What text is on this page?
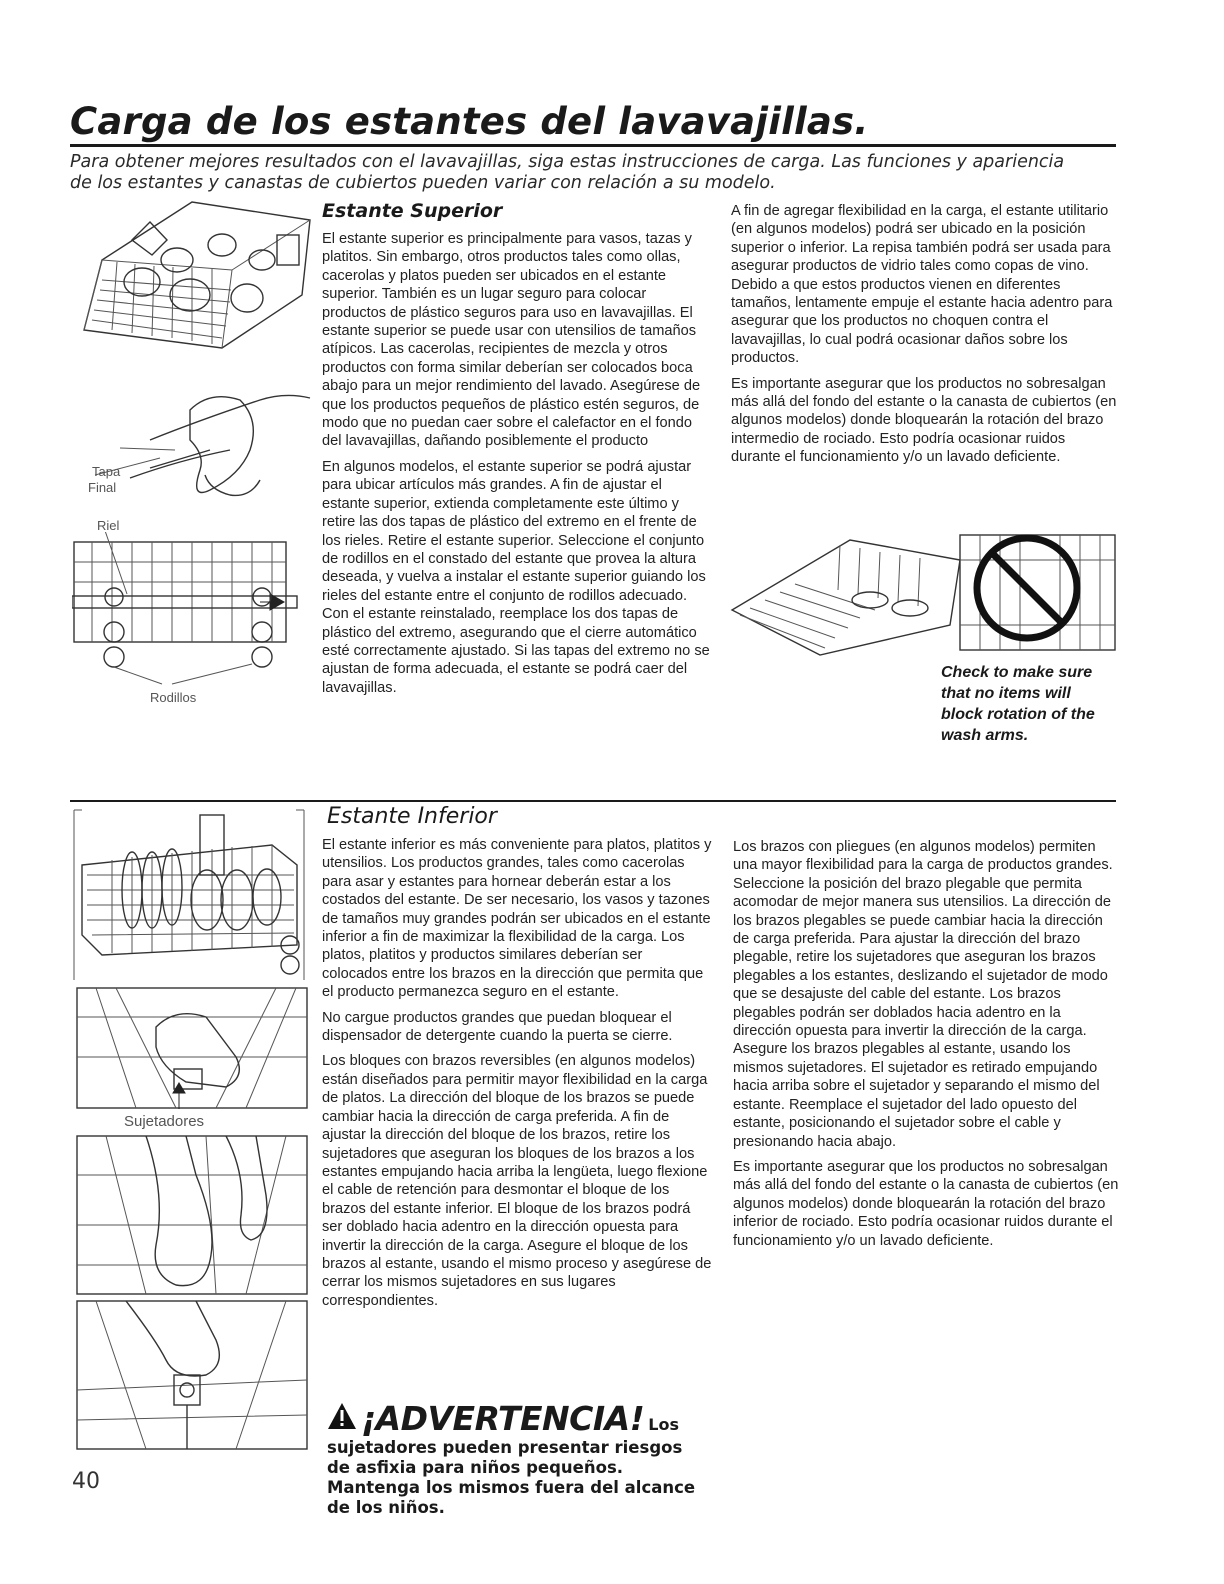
Carga de los estantes del lavavajillas.
Para obtener mejores resultados con el lavavajillas, siga estas instrucciones de carga. Las funciones y apariencia de los estantes y canastas de cubiertos pueden variar con relación a su modelo.
Tapa
Final
Riel
Rodillos
Estante Superior

El estante superior es principalmente para vasos, tazas y platitos. Sin embargo, otros productos tales como ollas, cacerolas y platos pueden ser ubicados en el estante superior. También es un lugar seguro para colocar productos de plástico seguros para uso en lavavajillas. El estante superior se puede usar con utensilios de tamaños atípicos. Las cacerolas, recipientes de mezcla y otros productos con forma similar deberían ser colocados boca abajo para un mejor rendimiento del lavado. Asegúrese de que los productos pequeños de plástico estén seguros, de modo que no puedan caer sobre el calefactor en el fondo del lavavajillas, dañando posiblemente el producto

En algunos modelos, el estante superior se podrá ajustar para ubicar artículos más grandes. A fin de ajustar el estante superior, extienda completamente este último y retire las dos tapas de plástico del extremo en el frente de los rieles. Retire el estante superior. Seleccione el conjunto de rodillos en el constado del estante que provea la altura deseada, y vuelva a instalar el estante superior guiando los rieles del estante entre el conjunto de rodillos adecuado. Con el estante reinstalado, reemplace los dos tapas de plástico del extremo, asegurando que el cierre automático esté correctamente ajustado. Si las tapas del extremo no se ajustan de forma adecuada, el estante se podrá caer del lavavajillas.

A fin de agregar flexibilidad en la carga, el estante utilitario (en algunos modelos) podrá ser ubicado en la posición superior o inferior. La repisa también podrá ser usada para asegurar productos de vidrio tales como copas de vino. Debido a que estos productos vienen en diferentes tamaños, lentamente empuje el estante hacia adentro para asegurar que los productos no choquen contra el lavavajillas, lo cual podrá ocasionar daños sobre los productos.

Es importante asegurar que los productos no sobresalgan más allá del fondo del estante o la canasta de cubiertos (en algunos modelos) donde bloquearán la rotación del brazo intermedio de rociado. Esto podría ocasionar ruidos durante el funcionamiento y/o un lavado deficiente.

Check to make sure that no items will block rotation of the wash arms.
Sujetadores
Estante Inferior

El estante inferior es más conveniente para platos, platitos y utensilios. Los productos grandes, tales como cacerolas para asar y estantes para hornear deberán estar a los costados del estante. De ser necesario, los vasos y tazones de tamaños muy grandes podrán ser ubicados en el estante inferior a fin de maximizar la flexibilidad de la carga. Los platos, platitos y productos similares deberían ser colocados entre los brazos en la dirección que permita que el producto permanezca seguro en el estante.

No cargue productos grandes que puedan bloquear el dispensador de detergente cuando la puerta se cierre.

Los bloques con brazos reversibles (en algunos modelos) están diseñados para permitir mayor flexibilidad en la carga de platos. La dirección del bloque de los brazos se puede cambiar hacia la dirección de carga preferida. A fin de ajustar la dirección del bloque de los brazos, retire los sujetadores que aseguran los bloques de los brazos a los estantes empujando hacia arriba la lengüeta, luego flexione el cable de retención para desmontar el bloque de los brazos del estante inferior. El bloque de los brazos podrá ser doblado hacia adentro en la dirección opuesta para invertir la dirección de la carga. Asegure el bloque de los brazos al estante, usando el mismo proceso y asegúrese de cerrar los mismos sujetadores en sus lugares correspondientes.

Los brazos con pliegues (en algunos modelos) permiten una mayor flexibilidad para la carga de productos grandes. Seleccione la posición del brazo plegable que permita acomodar de mejor manera sus utensilios. La dirección de los brazos plegables se puede cambiar hacia la dirección de carga preferida. Para ajustar la dirección del brazo plegable, retire los sujetadores que aseguran los brazos plegables a los estantes, deslizando el sujetador de modo que se desajuste del cable del estante. Los brazos plegables podrán ser doblados hacia adentro en la dirección opuesta para invertir la dirección de la carga. Asegure los brazos plegables al estante, usando los mismos sujetadores. El sujetador es retirado empujando hacia arriba sobre el sujetador y separando el mismo del estante. Reemplace el sujetador del lado opuesto del estante, posicionando el sujetador sobre el cable y presionando hacia abajo.

Es importante asegurar que los productos no sobresalgan más allá del fondo del estante o la canasta de cubiertos (en algunos modelos) donde bloquearán la rotación del brazo inferior de rociado. Esto podría ocasionar ruidos durante el funcionamiento y/o un lavado deficiente.

¡ADVERTENCIA! Los
sujetadores pueden presentar riesgos de asfixia para niños pequeños. Mantenga los mismos fuera del alcance de los niños.
40
